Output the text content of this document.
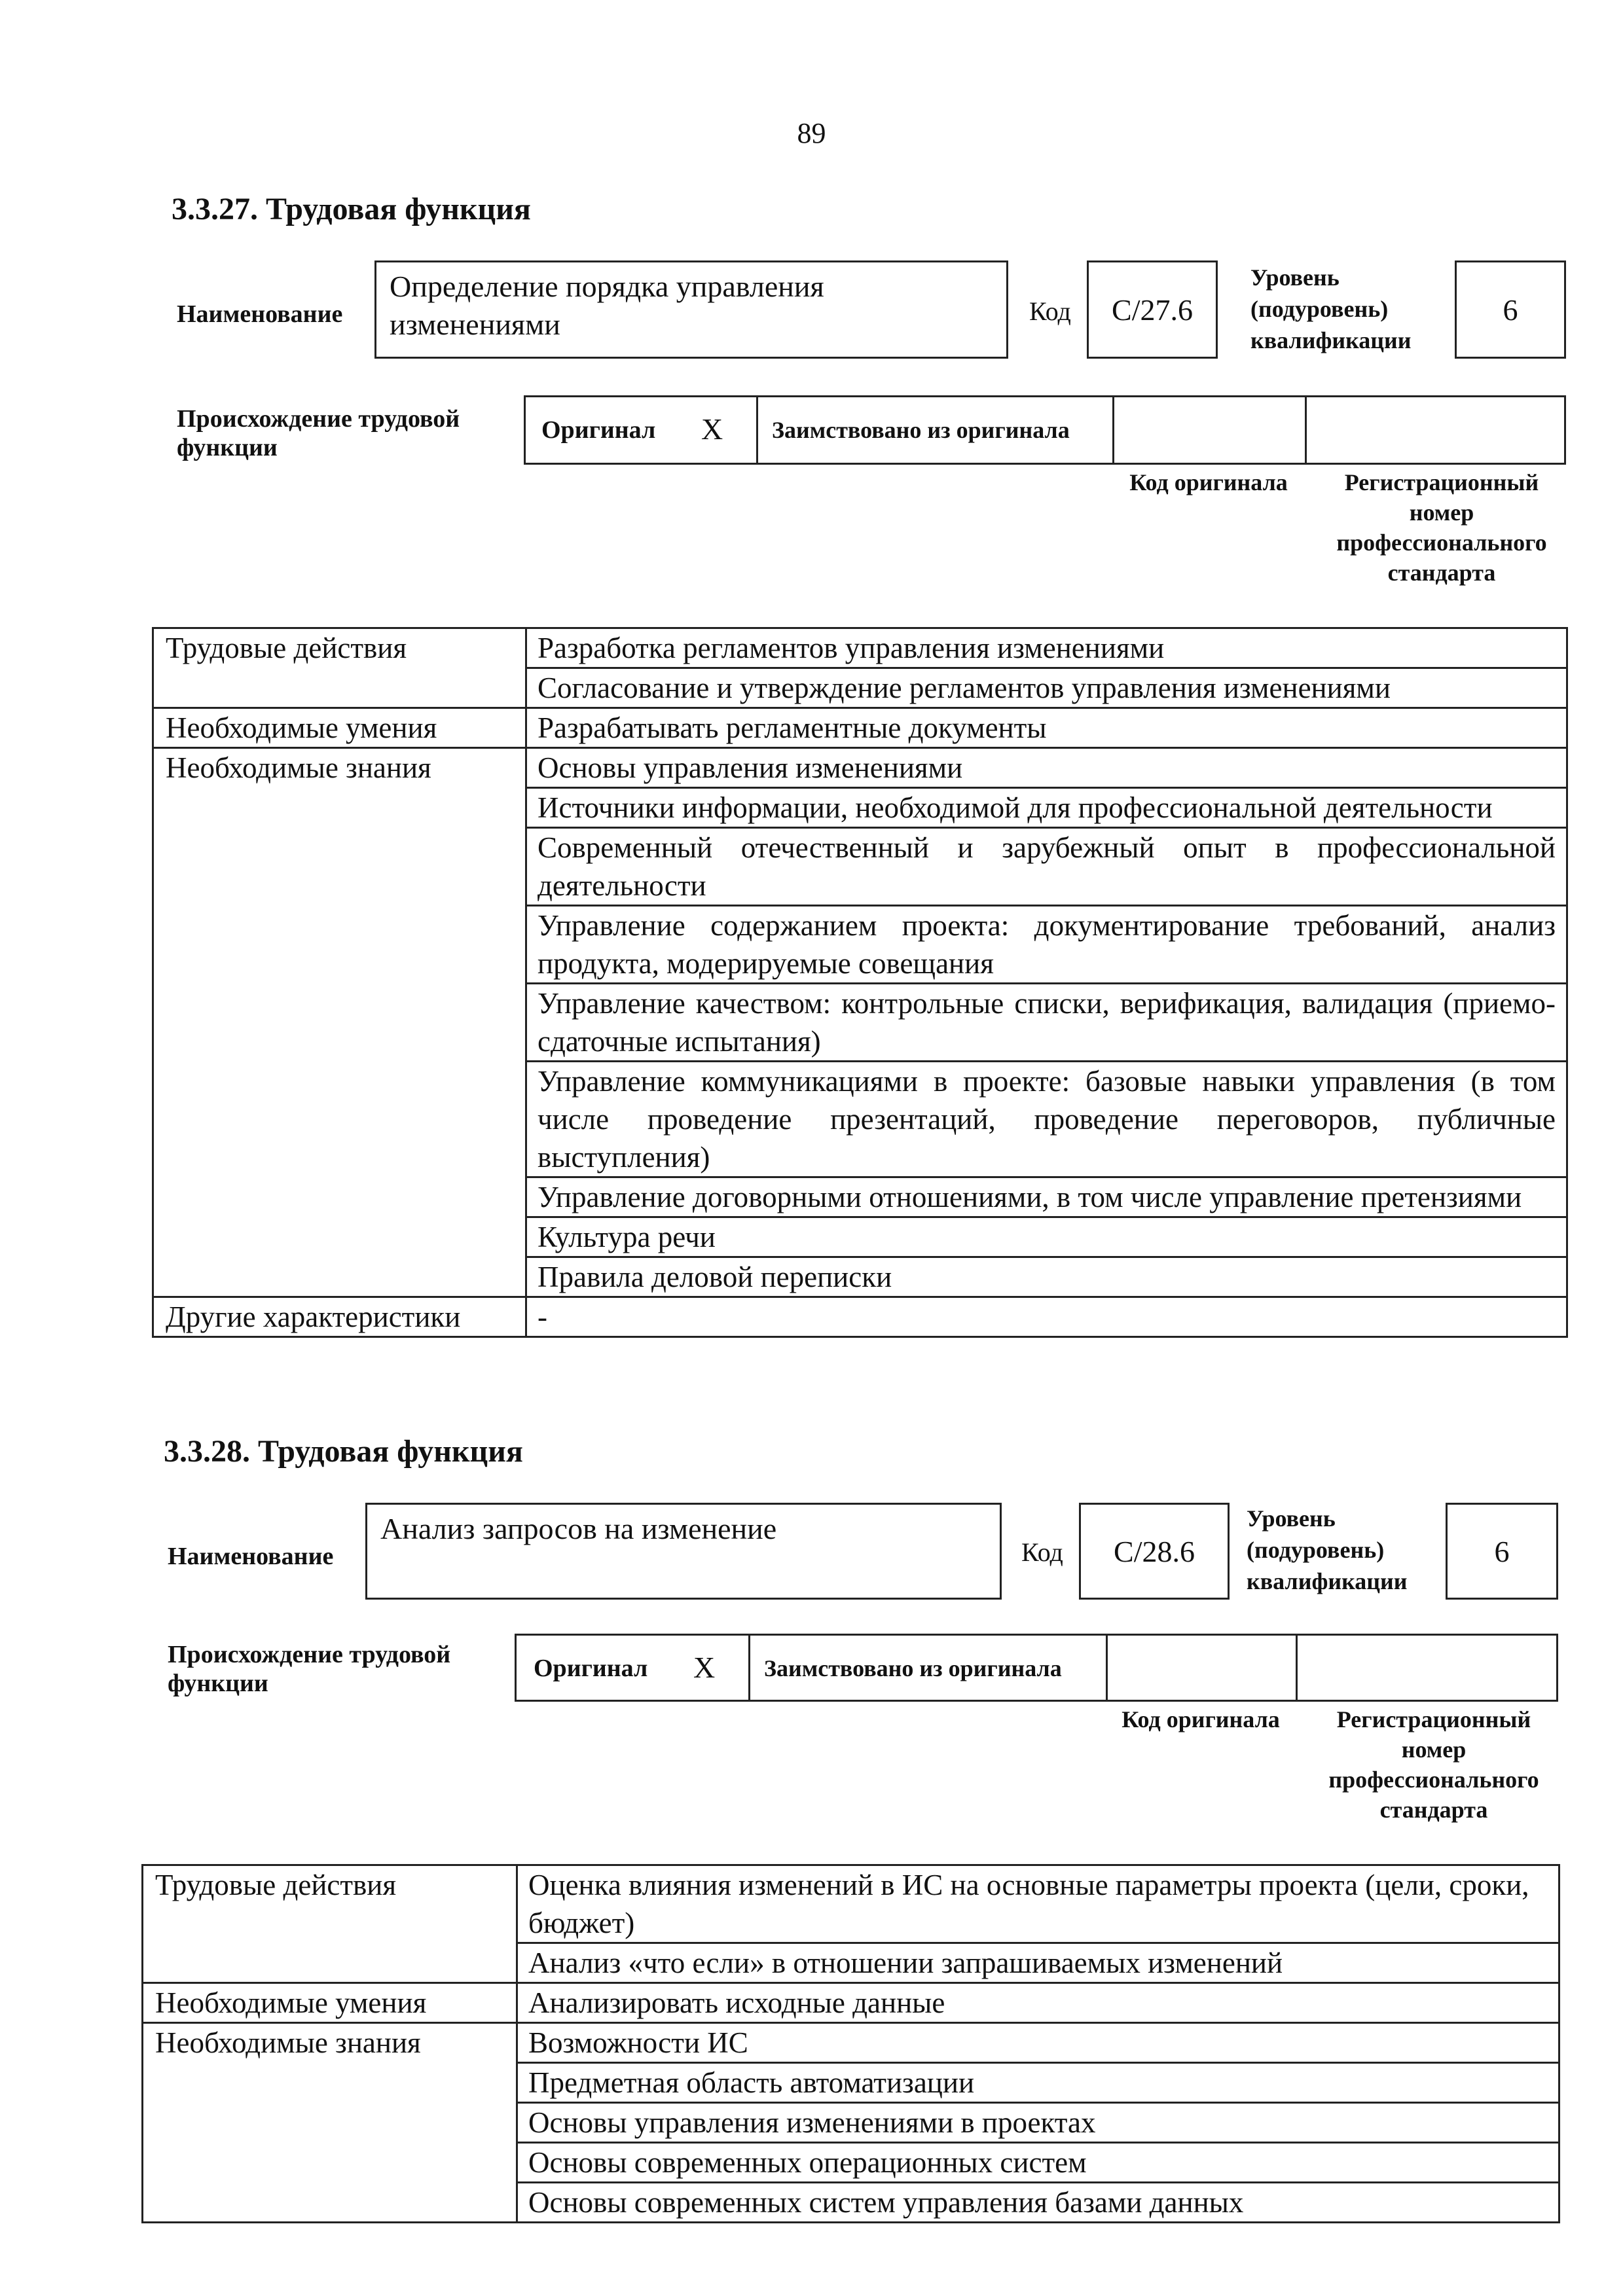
89
3.3.27. Трудовая функция
Наименование
Определение порядка управления изменениями	Код С/27.6
Уровень (подуровень) квалификации
6
Происхождение трудовой функции
Оригинал X Заимствовано из оригинала
Код оригинала	Регистрационный номер профессионального стандарта
Трудовые действия	Разработка регламентов управления изменениями
	Согласование и утверждение регламентов управления изменениями
Необходимые умения	Разрабатывать регламентные документы
Необходимые знания	Основы управления изменениями
	Источники информации, необходимой для профессиональной деятельности
	Современный отечественный и зарубежный опыт в профессиональной деятельности
	Управление содержанием проекта: документирование требований, анализ продукта, модерируемые совещания
	Управление качеством: контрольные списки, верификация, валидация (приемо-сдаточные испытания)
	Управление коммуникациями в проекте: базовые навыки управления (в том числе проведение презентаций, проведение переговоров, публичные выступления)
	Управление договорными отношениями, в том числе управление претензиями
	Культура речи
	Правила деловой переписки
Другие характеристики	-
3.3.28. Трудовая функция
Наименование
Анализ запросов на изменение
Код С/28.6
Уровень (подуровень) квалификации
6
Происхождение трудовой функции
Оригинал X Заимствовано из оригинала
Код оригинала	Регистрационный номер профессионального стандарта
Трудовые действия	Оценка влияния изменений в ИС на основные параметры проекта (цели, сроки, бюджет)
	Анализ «что если» в отношении запрашиваемых изменений
Необходимые умения	Анализировать исходные данные
Необходимые знания	Возможности ИС
	Предметная область автоматизации
	Основы управления изменениями в проектах
	Основы современных операционных систем
	Основы современных систем управления базами данных
